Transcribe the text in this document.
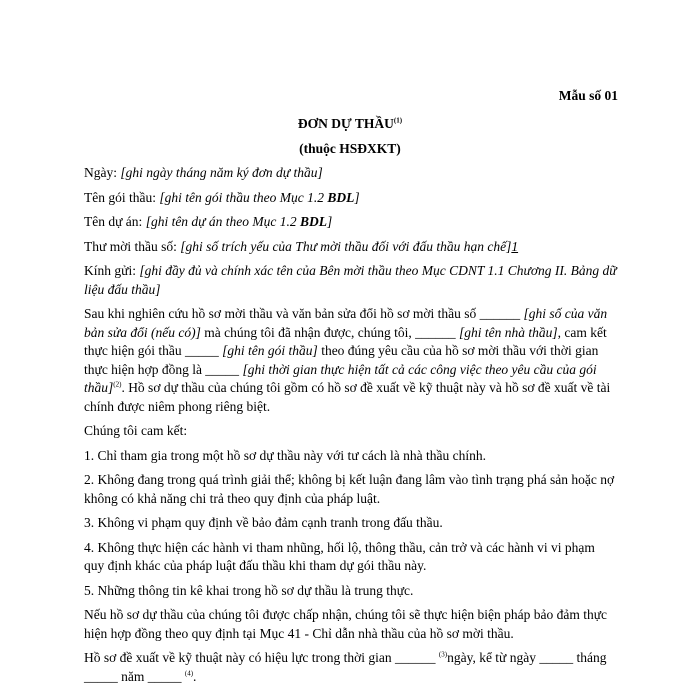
Mẫu số 01
ĐƠN DỰ THẦU$^{(1)}$
(thuộc HSĐXKT)

Ngày: [ghi ngày tháng năm ký đơn dự thầu]

Tên gói thầu: [ghi tên gói thầu theo Mục 1.2 BDL]

Tên dự án: [ghi tên dự án theo Mục 1.2 BDL]

Thư mời thầu số: [ghi số trích yếu của Thư mời thầu đối với đấu thầu hạn chế]1

Kính gửi: [ghi đầy đủ và chính xác tên của Bên mời thầu theo Mục CDNT 1.1 Chương II. Bảng dữ liệu đấu thầu]

Sau khi nghiên cứu hồ sơ mời thầu và văn bản sửa đổi hồ sơ mời thầu số ______ [ghi số của văn bản sửa đổi (nếu có)] mà chúng tôi đã nhận được, chúng tôi, ______ [ghi tên nhà thầu], cam kết thực hiện gói thầu _____ [ghi tên gói thầu] theo đúng yêu cầu của hồ sơ mời thầu với thời gian thực hiện hợp đồng là _____ [ghi thời gian thực hiện tất cả các công việc theo yêu cầu của gói thầu]$^{(2)}$. Hồ sơ dự thầu của chúng tôi gồm có hồ sơ đề xuất về kỹ thuật này và hồ sơ đề xuất về tài chính được niêm phong riêng biệt.

Chúng tôi cam kết:

1. Chỉ tham gia trong một hồ sơ dự thầu này với tư cách là nhà thầu chính.

2. Không đang trong quá trình giải thể; không bị kết luận đang lâm vào tình trạng phá sản hoặc nợ không có khả năng chi trả theo quy định của pháp luật.

3. Không vi phạm quy định về bảo đảm cạnh tranh trong đấu thầu.

4. Không thực hiện các hành vi tham nhũng, hối lộ, thông thầu, cản trở và các hành vi vi phạm quy định khác của pháp luật đấu thầu khi tham dự gói thầu này.

5. Những thông tin kê khai trong hồ sơ dự thầu là trung thực.

Nếu hồ sơ dự thầu của chúng tôi được chấp nhận, chúng tôi sẽ thực hiện biện pháp bảo đảm thực hiện hợp đồng theo quy định tại Mục 41 - Chỉ dẫn nhà thầu của hồ sơ mời thầu.

Hồ sơ đề xuất về kỹ thuật này có hiệu lực trong thời gian ______ $^{(3)}$ngày, kể từ ngày _____ tháng _____ năm _____ $^{(4)}$.
